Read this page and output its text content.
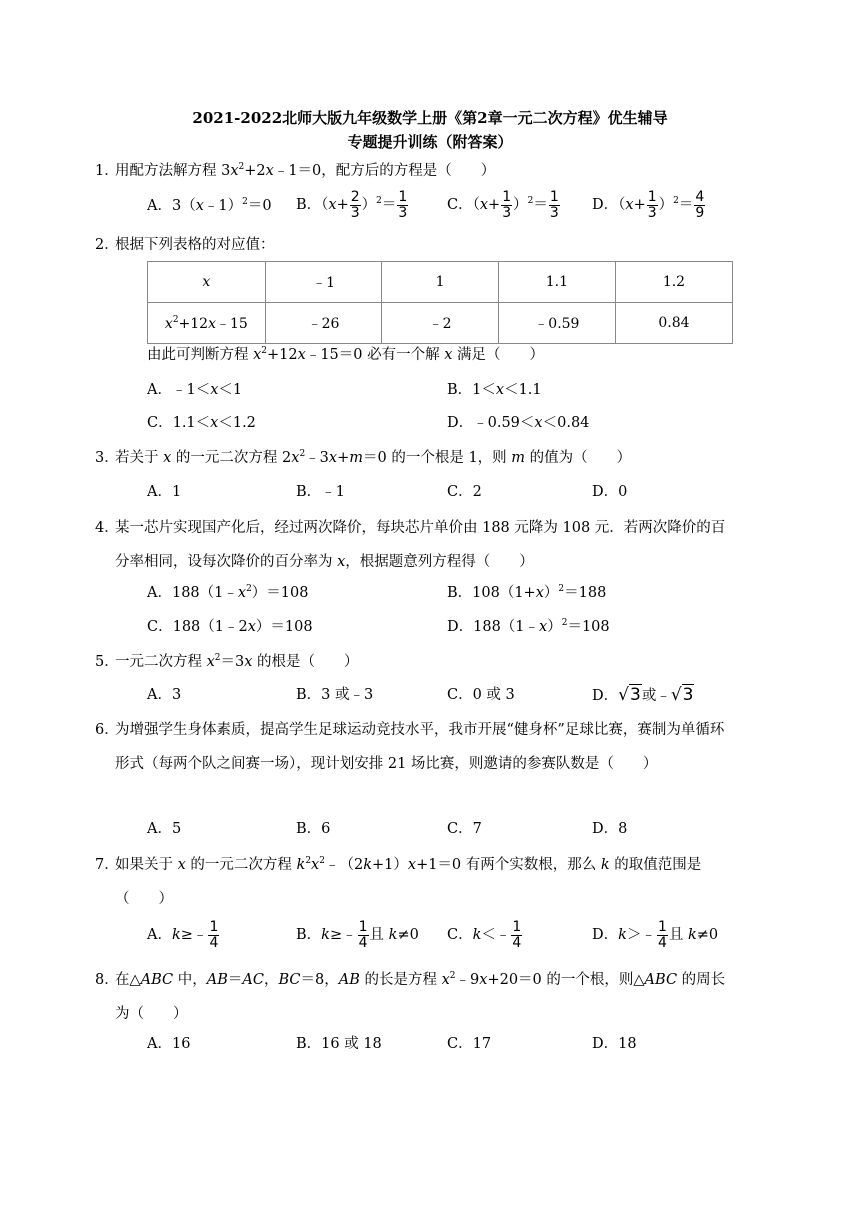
2021-2022北师大版九年级数学上册《第2章一元二次方程》优生辅导
专题提升训练（附答案）
1．
用配方法解方程 $3x^2+2x﹣1=0$，配方后的方程是（　　）
A．3（x﹣1）$^2$＝0 B．$(x+ \frac{2}{3} )^2= \frac{1}{3}$	C．$(x+ \frac{1}{3} )^2= \frac{1}{3}$ D．$(x+ \frac{1}{3} )^2= \frac{4}{9}$
2．
根据下列表格的对应值：
x	﹣1	1	1.1	1.2
$x^2+12x﹣15$	﹣26	﹣2	﹣0.59	0.84
由此可判断方程 $x^2+12x﹣15=0$ 必有一个解 x 满足（　　）
A．﹣1＜x＜1	B．1＜x＜1.1
C．1.1＜x＜1.2	D．﹣0.59＜x＜0.84
3．
若关于 x 的一元二次方程 $2x^2﹣3x+m=0$ 的一个根是 1，则 m 的值为（　　）
A．1	B．﹣1	C．2	D．0
4．
某一芯片实现国产化后，经过两次降价，每块芯片单价由 188 元降为 108 元．若两次降价的百分率相同，设每次降价的百分率为 x，根据题意列方程得（　　）
A．$188(1﹣x^2)=108$	B．$108(1+x)^2=188$
C．188（1﹣2x）＝108	D．188（1﹣x）$^2$＝108
5．
一元二次方程 $x^2=3x$ 的根是（　　）
A．3	B．3 或﹣3	C．0 或 3	D．√3或﹣√3
6．
为增强学生身体素质，提高学生足球运动竞技水平，我市开展“健身杯”足球比赛，赛制为单循环形式（每两个队之间赛一场），现计划安排 21 场比赛，则邀请的参赛队数是（　　）
A．5	B．6	C．7	D．8
7．
如果关于 x 的一元二次方程 $k^2x^2﹣(2k+1)x+1=0$ 有两个实数根，那么 k 的取值范围是（　　）
A．k≥﹣ $\frac{1}{4}$	B．k≥﹣ $\frac{1}{4}$ 且 k≠0 C．k＜﹣ $\frac{1}{4}$	D．k＞﹣ $\frac{1}{4}$ 且 k≠0
8．
在△ABC 中，AB＝AC，BC＝8，AB 的长是方程 $x^2﹣9x+20=0$ 的一个根，则△ABC 的周长为（　　）
A．16	B．16 或 18	C．17	D．18
